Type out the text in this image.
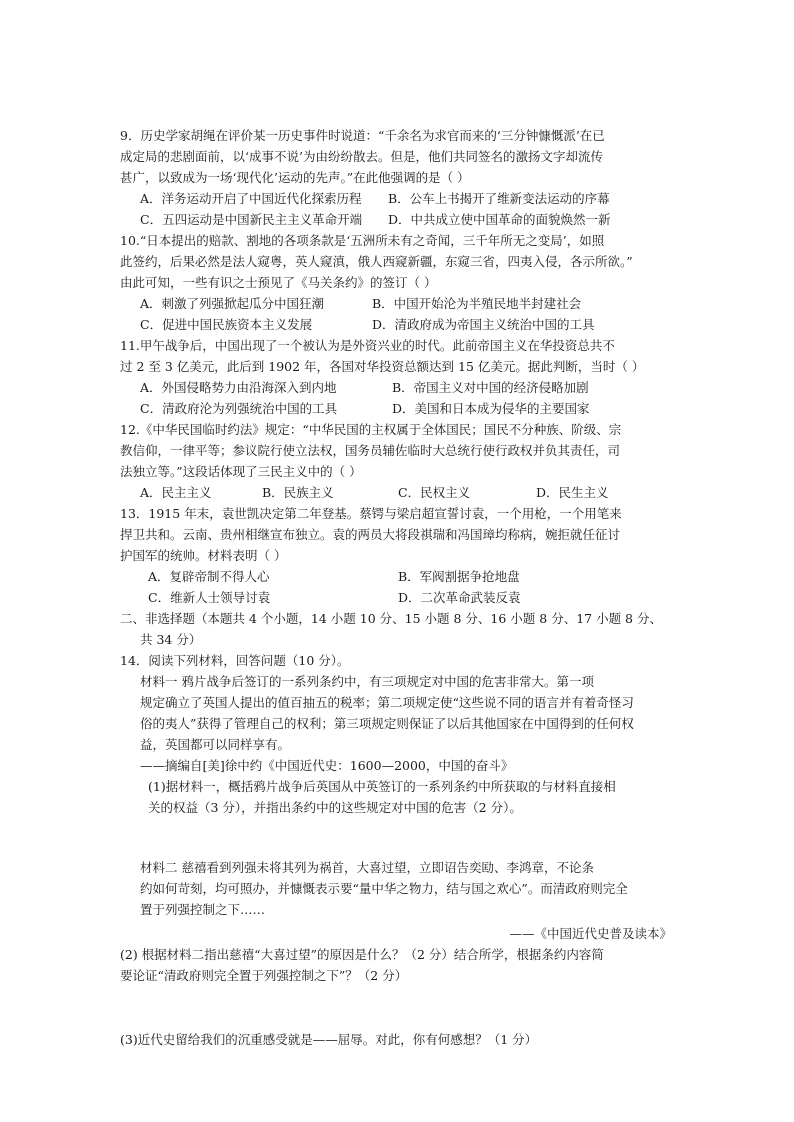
9．历史学家胡绳在评价某一历史事件时说道：“千余名为求官而来的‘三分钟慷慨派’在已
成定局的悲剧面前，以‘成事不说’为由纷纷散去。但是，他们共同签名的激扬文字却流传
甚广，以致成为一场‘现代化’运动的先声。”在此他强调的是（ ）
A．洋务运动开启了中国近代化探索历程 B．公车上书揭开了维新变法运动的序幕
C．五四运动是中国新民主主义革命开端 D．中共成立使中国革命的面貌焕然一新
10.“日本提出的赔款、割地的各项条款是‘五洲所未有之奇闻，三千年所无之变局’，如照
此签约，后果必然是法人窥粤，英人窥滇，俄人西窥新疆，东窥三省，四夷入侵，各示所欲。”
由此可知，一些有识之士预见了《马关条约》的签订（ ）
A．刺激了列强掀起瓜分中国狂潮	B．中国开始沦为半殖民地半封建社会
C．促进中国民族资本主义发展	D．清政府成为帝国主义统治中国的工具
11.甲午战争后，中国出现了一个被认为是外资兴业的时代。此前帝国主义在华投资总共不
过 2 至 3 亿美元，此后到 1902 年，各国对华投资总额达到 15 亿美元。据此判断，当时（ ）
A．外国侵略势力由沿海深入到内地	B．帝国主义对中国的经济侵略加剧
C．清政府沦为列强统治中国的工具	D．美国和日本成为侵华的主要国家
12.《中华民国临时约法》规定：“中华民国的主权属于全体国民；国民不分种族、阶级、宗
教信仰，一律平等；参议院行使立法权，国务员辅佐临时大总统行使行政权并负其责任，司
法独立等。”这段话体现了三民主义中的（ ）
A．民主主义	B．民族主义	C．民权主义	D．民生主义
13．1915 年末，袁世凯决定第二年登基。蔡锷与梁启超宣誓讨袁，一个用枪，一个用笔来
捍卫共和。云南、贵州相继宣布独立。袁的两员大将段祺瑞和冯国璋均称病，婉拒就任征讨
护国军的统帅。材料表明（ ）
A．复辟帝制不得人心	B．军阀割据争抢地盘
C．维新人士领导讨袁	D．二次革命武装反袁
二、非选择题（本题共 4 个小题，14 小题 10 分、15 小题 8 分、16 小题 8 分、17 小题 8 分、
共 34 分）
14．阅读下列材料，回答问题（10 分）。
材料一 鸦片战争后签订的一系列条约中，有三项规定对中国的危害非常大。第一项
规定确立了英国人提出的值百抽五的税率；第二项规定使“这些说不同的语言并有着奇怪习
俗的夷人”获得了管理自己的权利；第三项规定则保证了以后其他国家在中国得到的任何权
益，英国都可以同样享有。
——摘编自[美]徐中约《中国近代史：1600—2000，中国的奋斗》
(1)据材料一，概括鸦片战争后英国从中英签订的一系列条约中所获取的与材料直接相
关的权益（3 分），并指出条约中的这些规定对中国的危害（2 分）。
材料二 慈禧看到列强未将其列为祸首，大喜过望，立即诏告奕劻、李鸿章，不论条
约如何苛刻，均可照办，并慷慨表示要“量中华之物力，结与国之欢心”。而清政府则完全
置于列强控制之下……
——《中国近代史普及读本》
(2) 根据材料二指出慈禧“大喜过望”的原因是什么？（2 分）结合所学，根据条约内容简
要论证“清政府则完全置于列强控制之下”？（2 分）
(3)近代史留给我们的沉重感受就是——屈辱。对此，你有何感想？（1 分）
